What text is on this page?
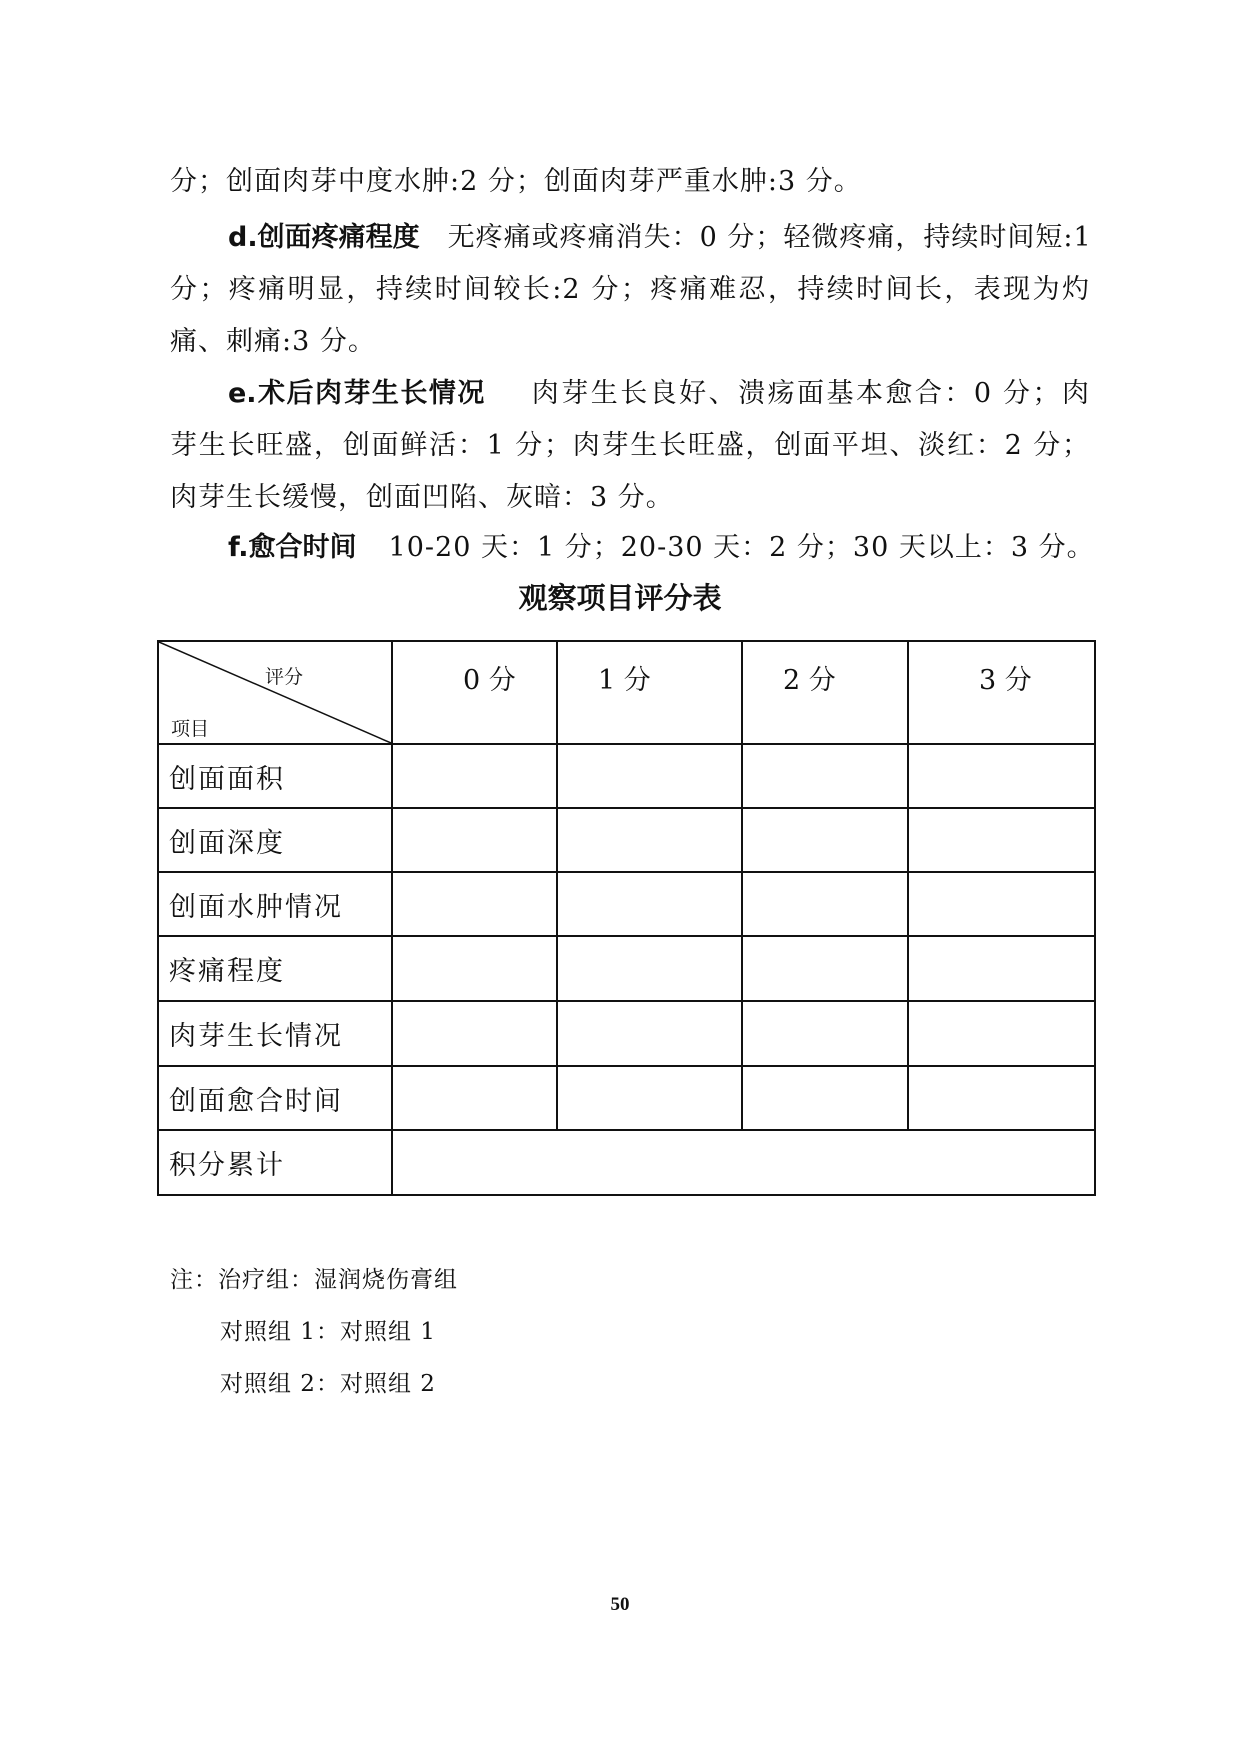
分；创面肉芽中度水肿:2 分；创面肉芽严重水肿:3 分。
d.创面疼痛程度 无疼痛或疼痛消失：0 分；轻微疼痛，持续时间短:1
分；疼痛明显，持续时间较长:2 分；疼痛难忍，持续时间长，表现为灼
痛、刺痛:3 分。
e.术后肉芽生长情况 肉芽生长良好、溃疡面基本愈合：0 分；肉
芽生长旺盛，创面鲜活：1 分；肉芽生长旺盛，创面平坦、淡红：2 分；
肉芽生长缓慢，创面凹陷、灰暗：3 分。
f.愈合时间 10-20 天：1 分；20-30 天：2 分；30 天以上：3 分。
观察项目评分表
评分
项目	0 分	1 分	2 分	3 分
创面面积				
创面深度				
创面水肿情况				
疼痛程度				
肉芽生长情况				
创面愈合时间				
积分累计				
注：治疗组：湿润烧伤膏组
对照组 1：对照组 1
对照组 2：对照组 2
50
